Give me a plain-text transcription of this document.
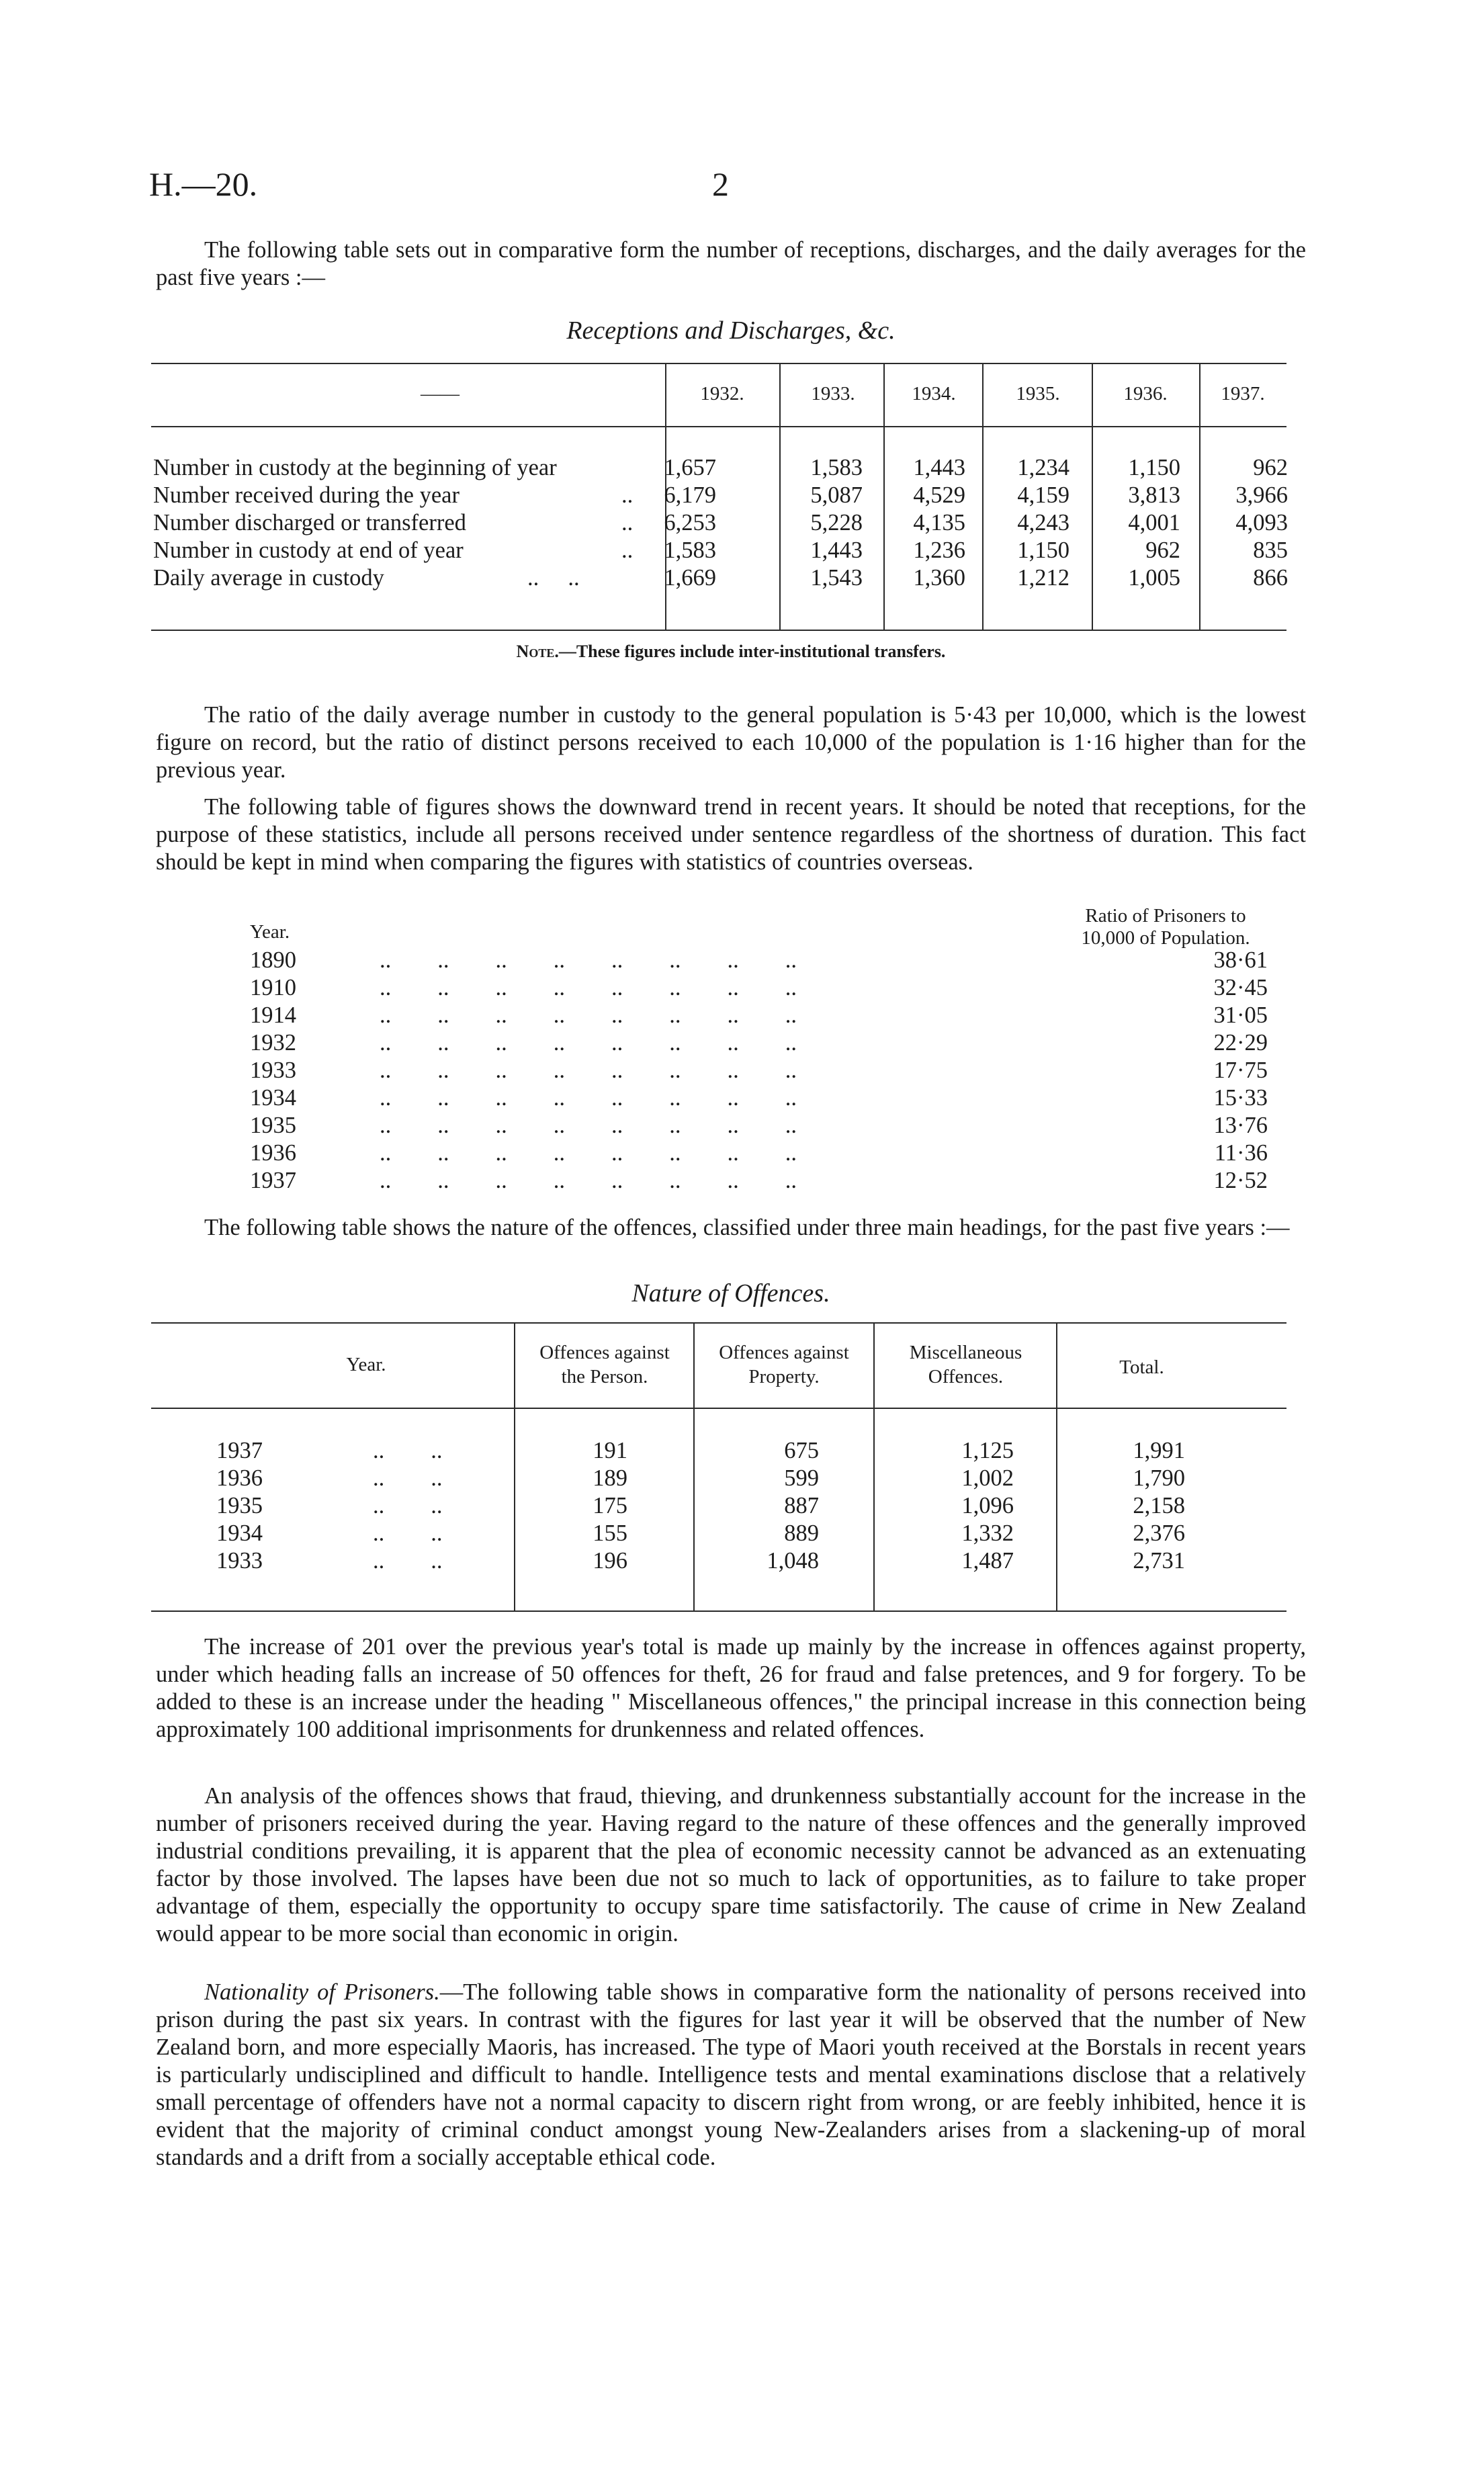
H.—20.	2
The following table sets out in comparative form the number of receptions, discharges, and the daily averages for the past five years :—
Receptions and Discharges, &c.
——	1932.	1933.	1934.	1935.	1936.	1937.
Number in custody at the beginning of year	1,657	1,583 1,443 1,234	1,150	962
Number received during the year	.. 6,179	5,087 4,529 4,159	3,813 3,966
Number discharged or transferred	.. 6,253	5,228 4,135 4,243	4,001 4,093
Number in custody at end of year	.. 1,583	1,443 1,236 1,150	962	835
Daily average in custody	..     ..	1,669	1,543 1,360 1,212	1,005	866
Note.—These figures include inter-institutional transfers.
The ratio of the daily average number in custody to the general population is 5·43 per 10,000, which is the lowest figure on record, but the ratio of distinct persons received to each 10,000 of the population is 1·16 higher than for the previous year.
The following table of figures shows the downward trend in recent years. It should be noted that receptions, for the purpose of these statistics, include all persons received under sentence regardless of the shortness of duration. This fact should be kept in mind when comparing the figures with statistics of countries overseas.
Year.
Ratio of Prisoners to
10,000 of Population.
1890	..        ..        ..        ..        ..        ..        ..        ..	38·61
1910	..        ..        ..        ..        ..        ..        ..        ..	32·45
1914	..        ..        ..        ..        ..        ..        ..        ..	31·05
1932	..        ..        ..        ..        ..        ..        ..        ..	22·29
1933	..        ..        ..        ..        ..        ..        ..        ..	17·75
1934	..        ..        ..        ..        ..        ..        ..        ..	15·33
1935	..        ..        ..        ..        ..        ..        ..        ..	13·76
1936	..        ..        ..        ..        ..        ..        ..        ..	11·36
1937	..        ..        ..        ..        ..        ..        ..        ..	12·52
The following table shows the nature of the offences, classified under three main headings, for the past five years :—
Nature of Offences.
Year.
Offences against
the Person.
Offences against
Property.
Miscellaneous
Offences.	Total.
1937	..        ..	191	675	1,125	1,991
1936	..        ..	189	599	1,002	1,790
1935	..        ..	175	887	1,096	2,158
1934	..        ..	155	889	1,332	2,376
1933	..        ..	196	1,048	1,487	2,731
The increase of 201 over the previous year's total is made up mainly by the increase in offences against property, under which heading falls an increase of 50 offences for theft, 26 for fraud and false pretences, and 9 for forgery. To be added to these is an increase under the heading " Miscellaneous offences," the principal increase in this connection being approximately 100 additional imprisonments for drunkenness and related offences.
An analysis of the offences shows that fraud, thieving, and drunkenness substantially account for the increase in the number of prisoners received during the year. Having regard to the nature of these offences and the generally improved industrial conditions prevailing, it is apparent that the plea of economic necessity cannot be advanced as an extenuating factor by those involved. The lapses have been due not so much to lack of opportunities, as to failure to take proper advantage of them, especially the opportunity to occupy spare time satisfactorily. The cause of crime in New Zealand would appear to be more social than economic in origin.
Nationality of Prisoners.—The following table shows in comparative form the nationality of persons received into prison during the past six years. In contrast with the figures for last year it will be observed that the number of New Zealand born, and more especially Maoris, has increased. The type of Maori youth received at the Borstals in recent years is particularly undisciplined and difficult to handle. Intelligence tests and mental examinations disclose that a relatively small percentage of offenders have not a normal capacity to discern right from wrong, or are feebly inhibited, hence it is evident that the majority of criminal conduct amongst young New-Zealanders arises from a slackening-up of moral standards and a drift from a socially acceptable ethical code.
